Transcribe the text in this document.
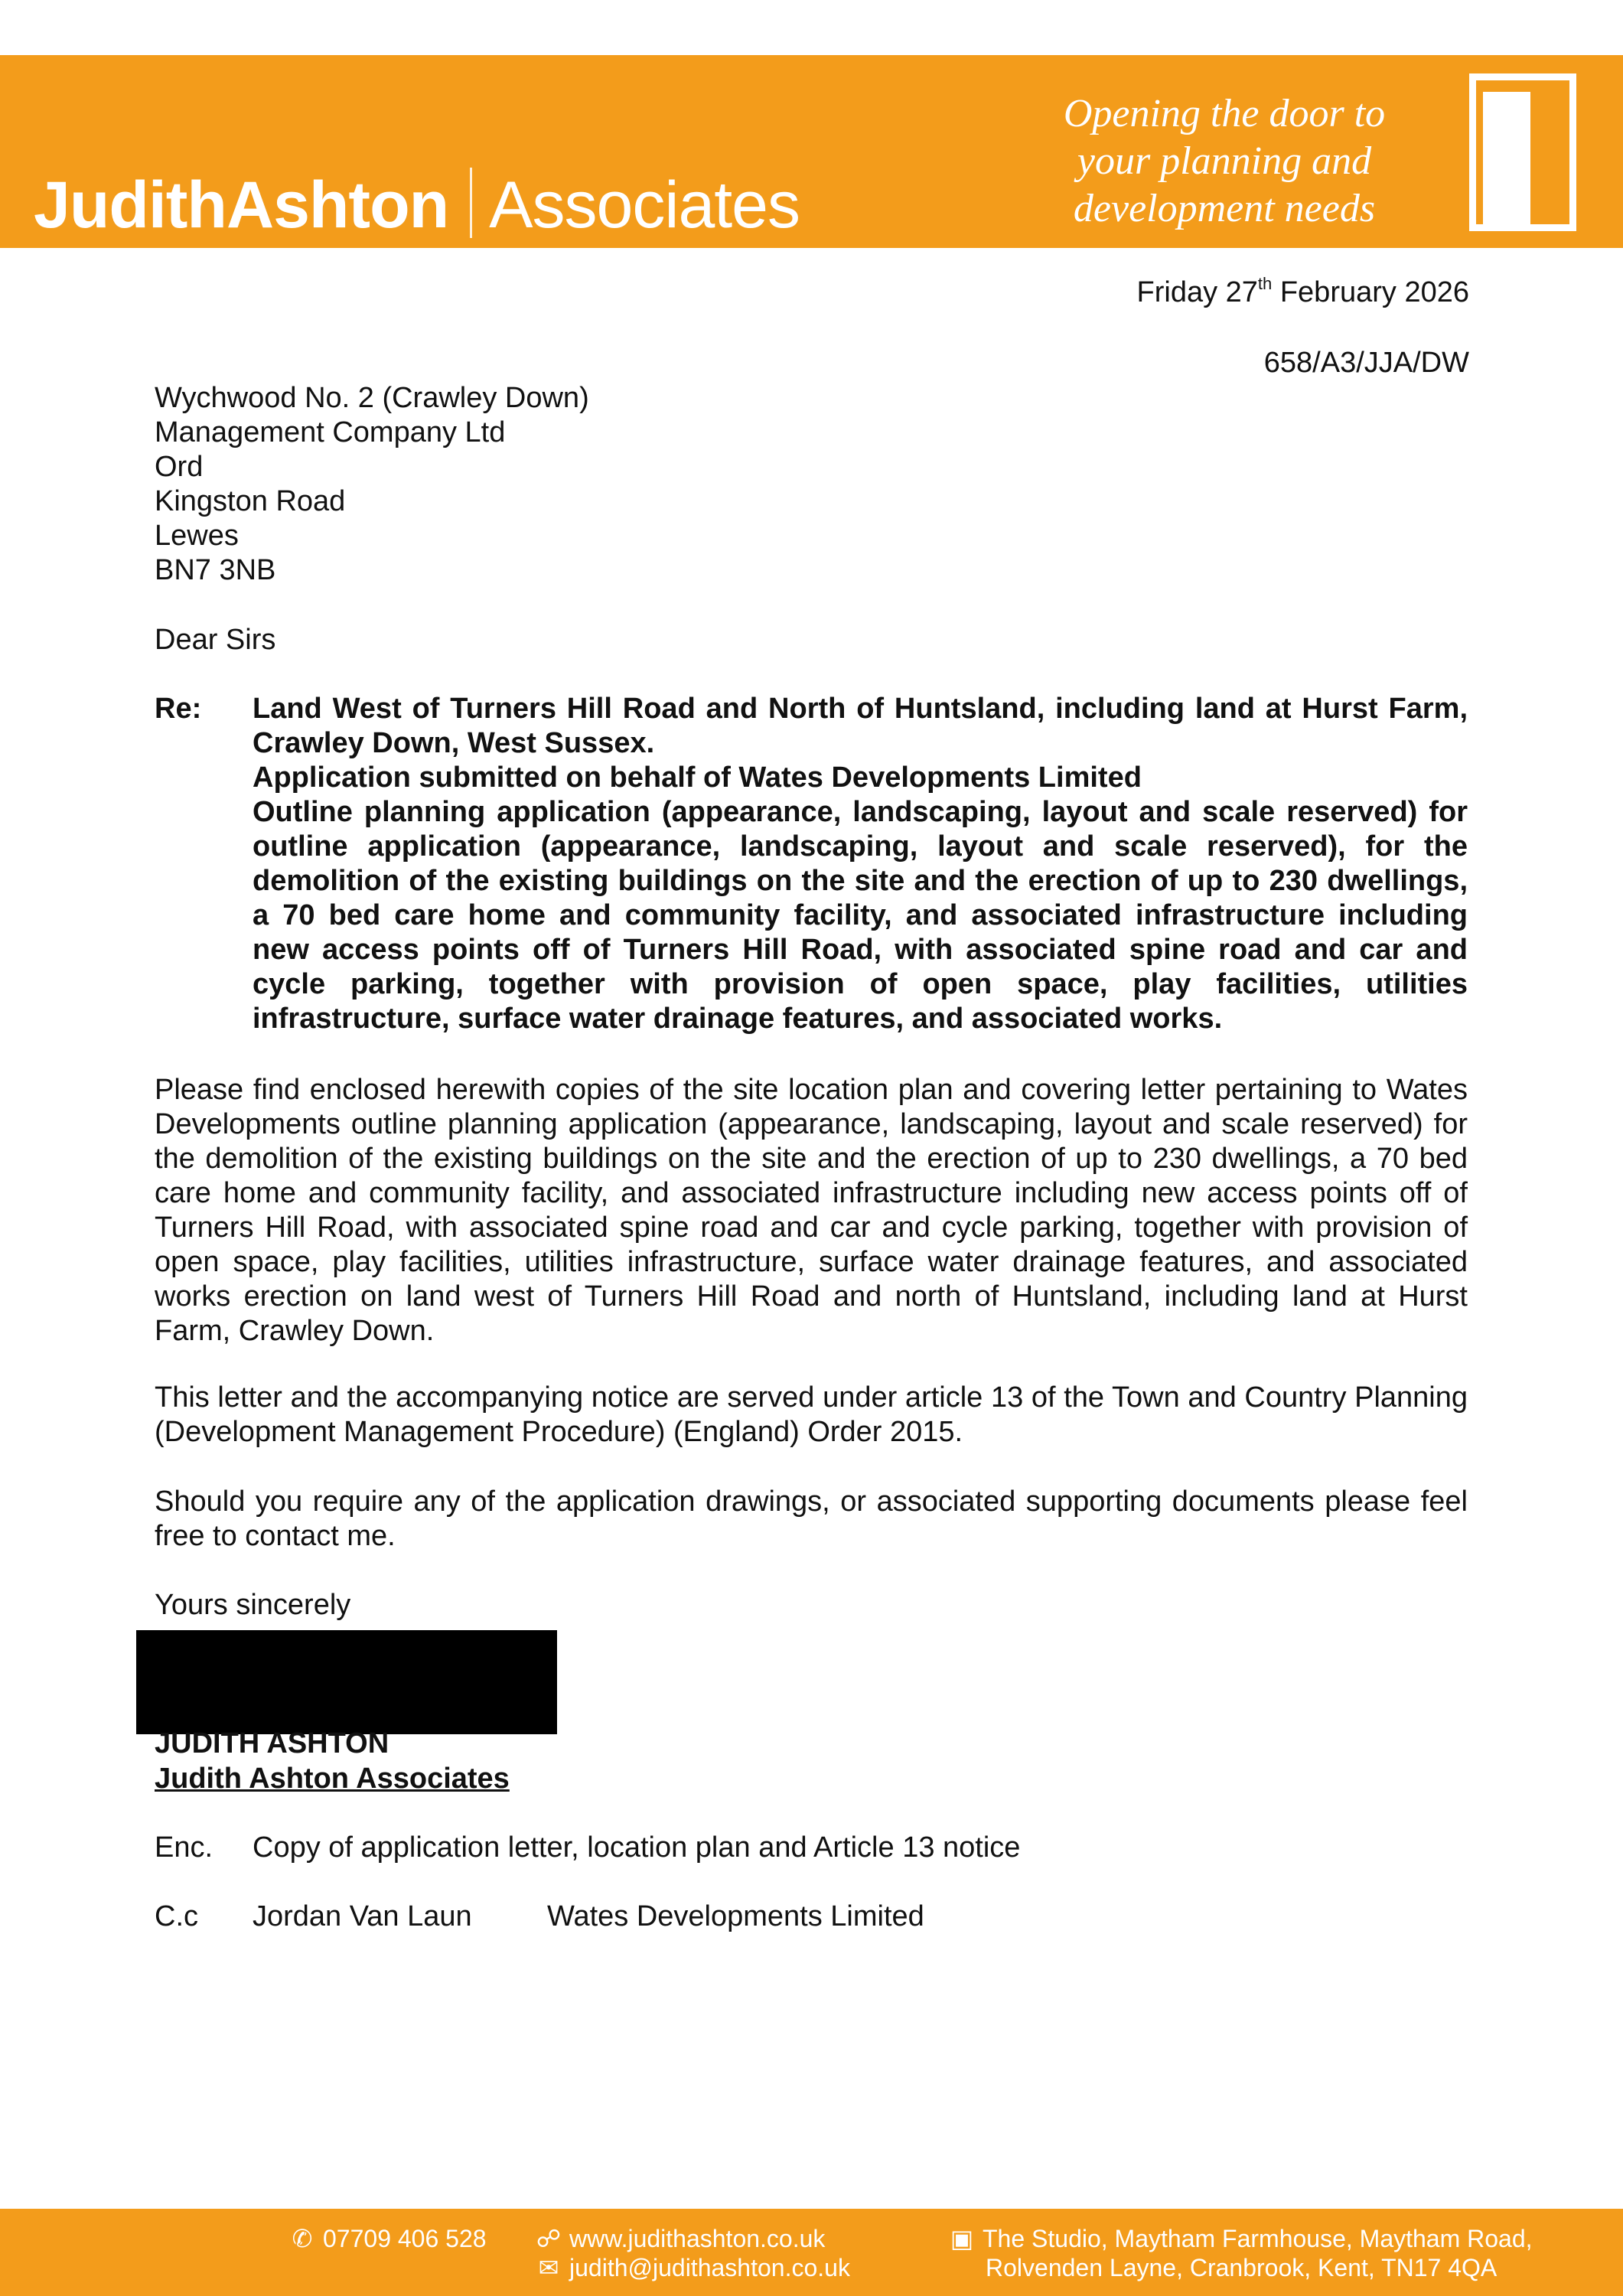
JudithAshton Associates
Opening the door to
your planning and
development needs
Friday 27th February 2026
658/A3/JJA/DW
Wychwood No. 2 (Crawley Down)
Management Company Ltd
Ord
Kingston Road
Lewes
BN7 3NB
Dear Sirs
Re: Land West of Turners Hill Road and North of Huntsland, including land at Hurst Farm, Crawley Down, West Sussex.
Application submitted on behalf of Wates Developments Limited
Outline planning application (appearance, landscaping, layout and scale reserved) for outline application (appearance, landscaping, layout and scale reserved), for the demolition of the existing buildings on the site and the erection of up to 230 dwellings, a 70 bed care home and community facility, and associated infrastructure including new access points off of Turners Hill Road, with associated spine road and car and cycle parking, together with provision of open space, play facilities, utilities infrastructure, surface water drainage features, and associated works.
Please find enclosed herewith copies of the site location plan and covering letter pertaining to Wates Developments outline planning application (appearance, landscaping, layout and scale reserved) for the demolition of the existing buildings on the site and the erection of up to 230 dwellings, a 70 bed care home and community facility, and associated infrastructure including new access points off of Turners Hill Road, with associated spine road and car and cycle parking, together with provision of open space, play facilities, utilities infrastructure, surface water drainage features, and associated works erection on land west of Turners Hill Road and north of Huntsland, including land at Hurst Farm, Crawley Down.
This letter and the accompanying notice are served under article 13 of the Town and Country Planning (Development Management Procedure) (England) Order 2015.
Should you require any of the application drawings, or associated supporting documents please feel free to contact me.
Yours sincerely
JUDITH ASHTON
Judith Ashton Associates
Enc. Copy of application letter, location plan and Article 13 notice
C.c Jordan Van Laun	Wates Developments Limited
✆ 07709 406 528 ☍ www.judithashton.co.uk
✉ judith@judithashton.co.uk
▣ The Studio, Maytham Farmhouse, Maytham Road,
Rolvenden Layne, Cranbrook, Kent, TN17 4QA
